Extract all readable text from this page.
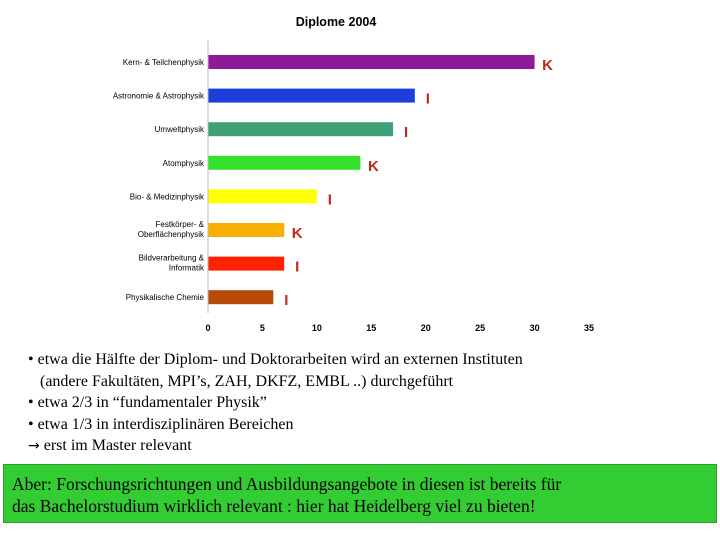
Diplome 2004
Kern- & Teilchenphysik
Astronomie & Astrophysik
Umweltphysik
Atomphysik
Bio- & Medizinphysik
Festkörper- & Oberflächenphysik
Bildverarbeitung & Informatik
Physikalische Chemie
K
I
I
K
I
K
I
I
0	5	10	15	20	25	30	35
• etwa die Hälfte der Diplom- und Doktorarbeiten wird an externen Instituten
(andere Fakultäten, MPI’s, ZAH, DKFZ, EMBL ..) durchgeführt
• etwa 2/3 in “fundamentaler Physik”
• etwa 1/3 in interdisziplinären Bereichen
→ erst im Master relevant
Aber: Forschungsrichtungen und Ausbildungsangebote in diesen ist bereits für
das Bachelorstudium wirklich relevant : hier hat Heidelberg viel zu bieten!
